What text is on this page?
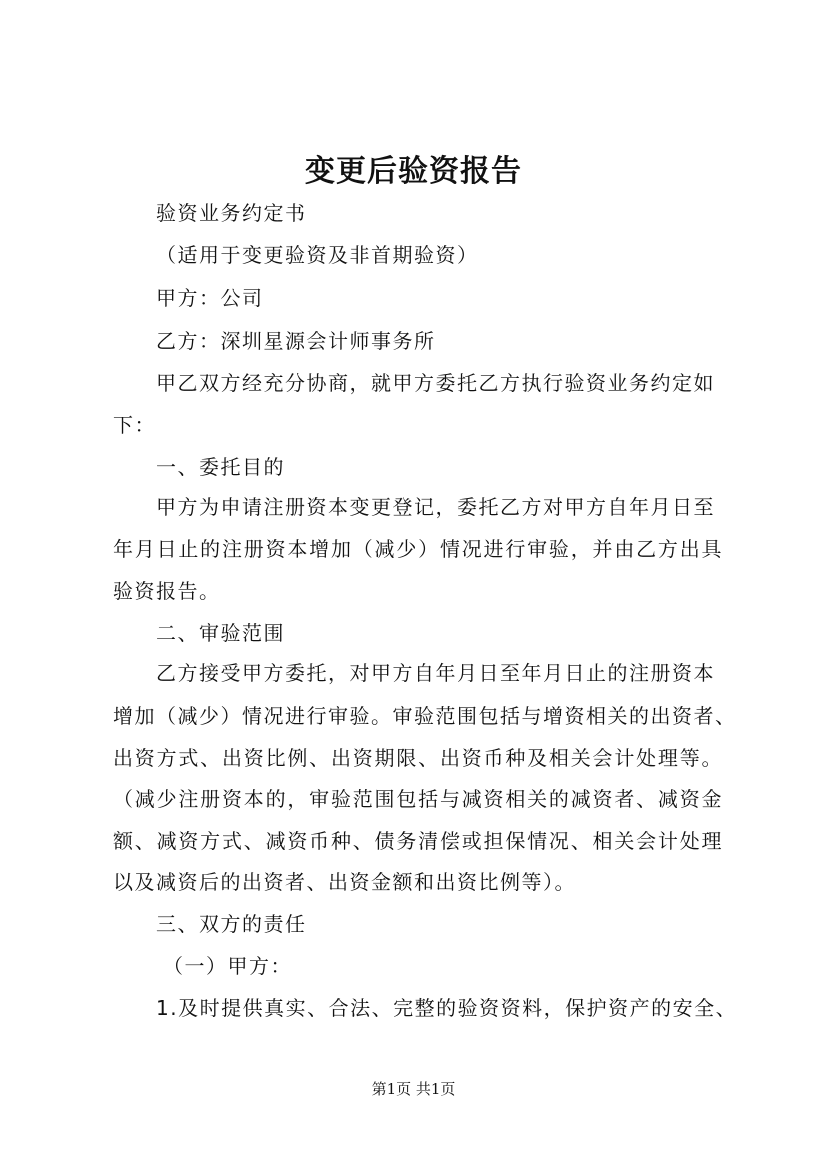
变更后验资报告

验资业务约定书

（适用于变更验资及非首期验资）

甲方：公司

乙方：深圳星源会计师事务所

甲乙双方经充分协商，就甲方委托乙方执行验资业务约定如

下：

一、委托目的

甲方为申请注册资本变更登记，委托乙方对甲方自年月日至

年月日止的注册资本增加（减少）情况进行审验，并由乙方出具

验资报告。

二、审验范围

乙方接受甲方委托，对甲方自年月日至年月日止的注册资本

增加（减少）情况进行审验。审验范围包括与增资相关的出资者、

出资方式、出资比例、出资期限、出资币种及相关会计处理等。

（减少注册资本的，审验范围包括与减资相关的减资者、减资金

额、减资方式、减资币种、债务清偿或担保情况、相关会计处理

以及减资后的出资者、出资金额和出资比例等）。

三、双方的责任

（一）甲方：

1.及时提供真实、合法、完整的验资资料，保护资产的安全、

第1页 共1页
